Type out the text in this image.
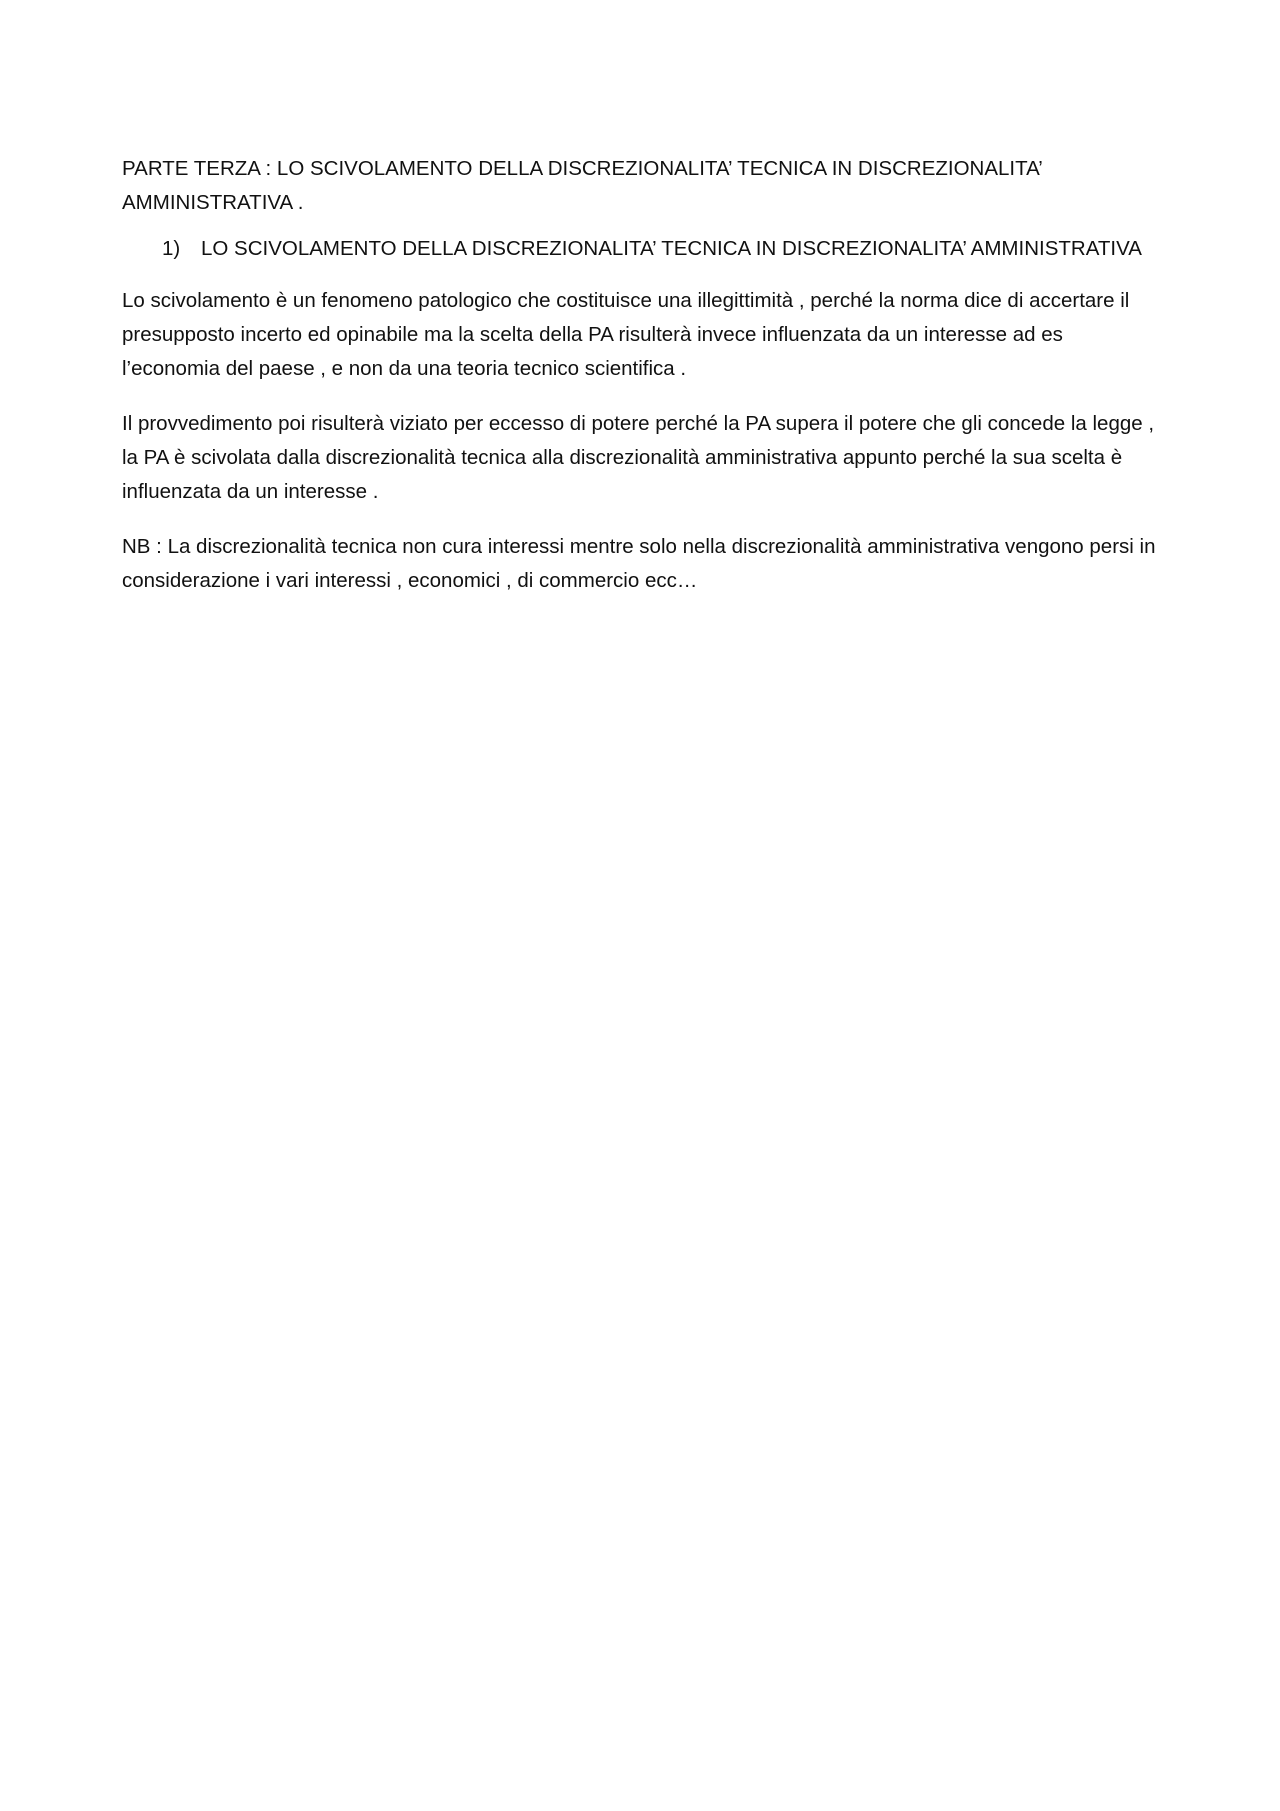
PARTE TERZA : LO SCIVOLAMENTO DELLA DISCREZIONALITA’ TECNICA IN DISCREZIONALITA’ AMMINISTRATIVA .

1)	LO SCIVOLAMENTO DELLA DISCREZIONALITA’ TECNICA IN DISCREZIONALITA’ AMMINISTRATIVA

Lo scivolamento è un fenomeno patologico che costituisce una illegittimità , perché la norma dice di accertare il presupposto incerto ed opinabile ma la scelta della PA risulterà invece influenzata da un interesse ad es l’economia del paese , e non da una teoria tecnico scientifica .

Il provvedimento poi risulterà viziato per eccesso di potere perché la PA supera il potere che gli concede la legge , la PA è scivolata dalla discrezionalità tecnica alla discrezionalità amministrativa appunto perché la sua scelta è influenzata da un interesse .

NB : La discrezionalità tecnica non cura interessi mentre solo nella discrezionalità amministrativa vengono persi in considerazione i vari interessi , economici , di commercio ecc…
